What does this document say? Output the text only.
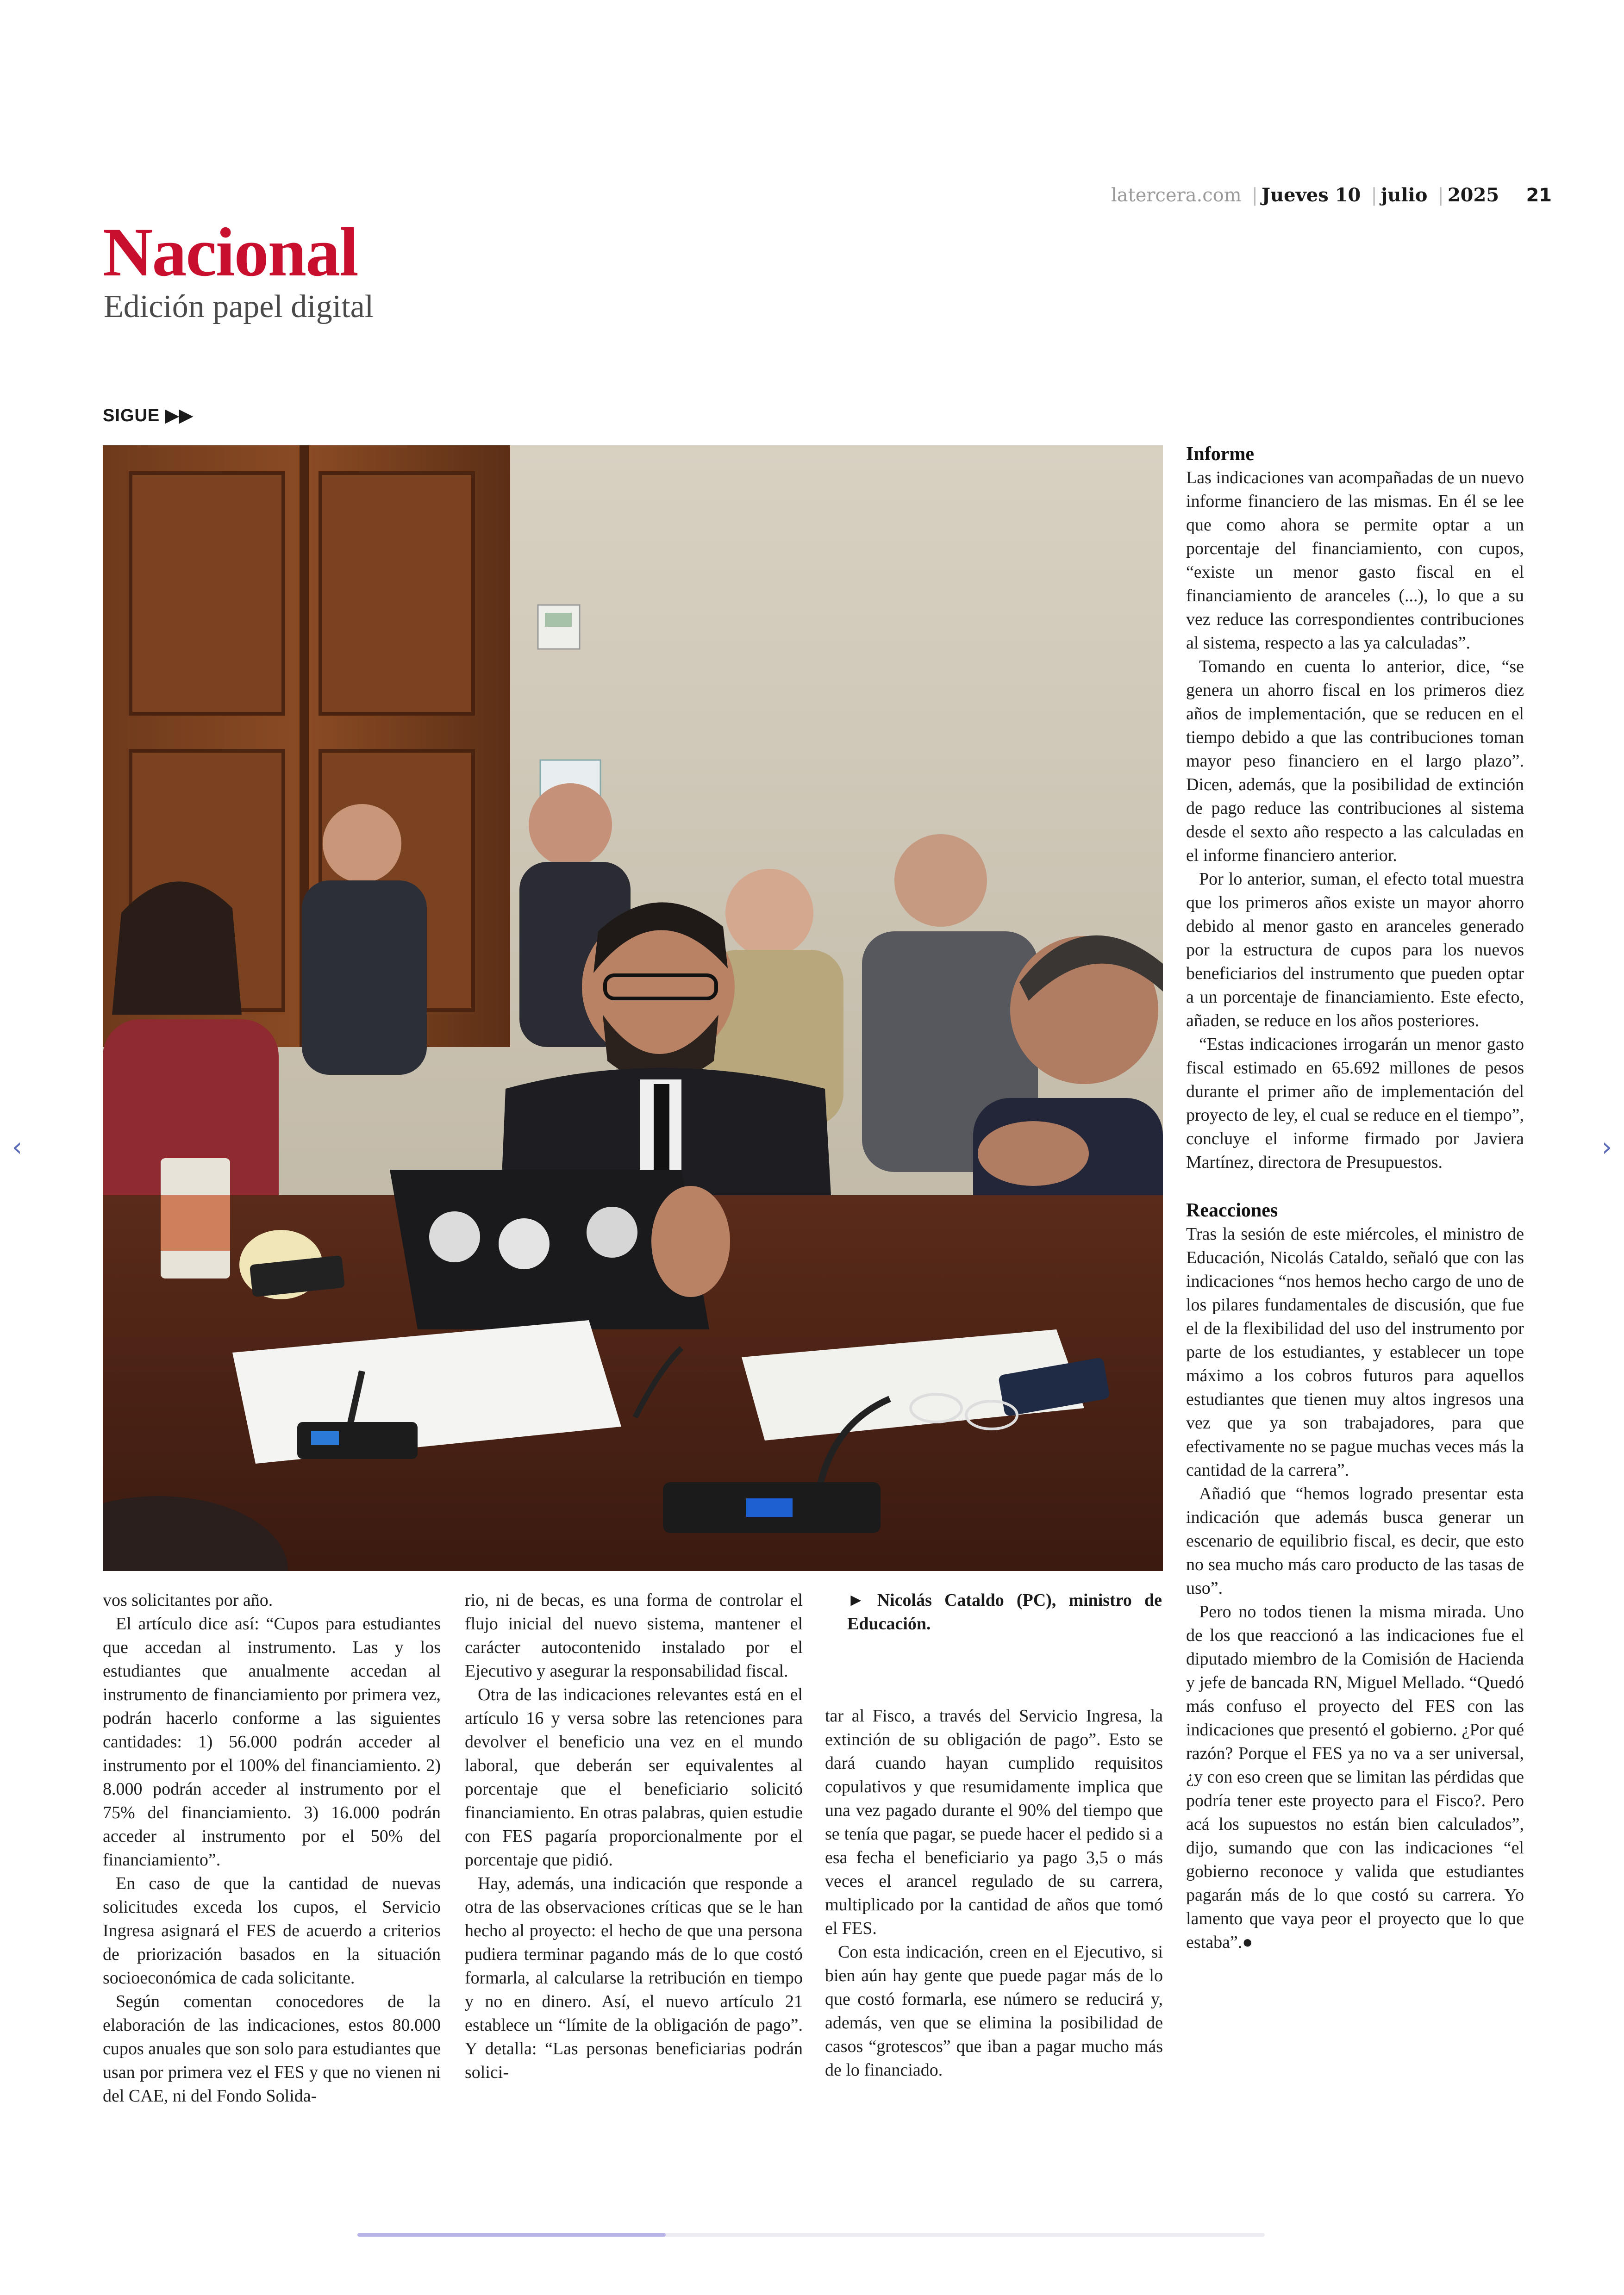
latercera.com | Jueves 10 | julio | 2025 21
Nacional
Edición papel digital
SIGUE ▶▶

vos solicitantes por año.

El artículo dice así: “Cupos para estudiantes que accedan al instrumento. Las y los estudiantes que anualmente accedan al instrumento de financiamiento por primera vez, podrán hacerlo conforme a las siguientes cantidades: 1) 56.000 podrán acceder al instrumento por el 100% del financiamiento. 2) 8.000 podrán acceder al instrumento por el 75% del financiamiento. 3) 16.000 podrán acceder al instrumento por el 50% del financiamiento”.

En caso de que la cantidad de nuevas solicitudes exceda los cupos, el Servicio Ingresa asignará el FES de acuerdo a criterios de priorización basados en la situación socioeconómica de cada solicitante.

Según comentan conocedores de la elaboración de las indicaciones, estos 80.000 cupos anuales que son solo para estudiantes que usan por primera vez el FES y que no vienen ni del CAE, ni del Fondo Solida-

rio, ni de becas, es una forma de controlar el flujo inicial del nuevo sistema, mantener el carácter autocontenido instalado por el Ejecutivo y asegurar la responsabilidad fiscal.

Otra de las indicaciones relevantes está en el artículo 16 y versa sobre las retenciones para devolver el beneficio una vez en el mundo laboral, que deberán ser equivalentes al porcentaje que el beneficiario solicitó financiamiento. En otras palabras, quien estudie con FES pagaría proporcionalmente por el porcentaje que pidió.

Hay, además, una indicación que responde a otra de las observaciones críticas que se le han hecho al proyecto: el hecho de que una persona pudiera terminar pagando más de lo que costó formarla, al calcularse la retribución en tiempo y no en dinero. Así, el nuevo artículo 21 establece un “límite de la obligación de pago”. Y detalla: “Las personas beneficiarias podrán solici-

► Nicolás Cataldo (PC), ministro de Educación.

tar al Fisco, a través del Servicio Ingresa, la extinción de su obligación de pago”. Esto se dará cuando hayan cumplido requisitos copulativos y que resumidamente implica que una vez pagado durante el 90% del tiempo que se tenía que pagar, se puede hacer el pedido si a esa fecha el beneficiario ya pago 3,5 o más veces el arancel regulado de su carrera, multiplicado por la cantidad de años que tomó el FES.

Con esta indicación, creen en el Ejecutivo, si bien aún hay gente que puede pagar más de lo que costó formarla, ese número se reducirá y, además, ven que se elimina la posibilidad de casos “grotescos” que iban a pagar mucho más de lo financiado.

Informe

Las indicaciones van acompañadas de un nuevo informe financiero de las mismas. En él se lee que como ahora se permite optar a un porcentaje del financiamiento, con cupos, “existe un menor gasto fiscal en el financiamiento de aranceles (...), lo que a su vez reduce las correspondientes contribuciones al sistema, respecto a las ya calculadas”.

Tomando en cuenta lo anterior, dice, “se genera un ahorro fiscal en los primeros diez años de implementación, que se reducen en el tiempo debido a que las contribuciones toman mayor peso financiero en el largo plazo”. Dicen, además, que la posibilidad de extinción de pago reduce las contribuciones al sistema desde el sexto año respecto a las calculadas en el informe financiero anterior.

Por lo anterior, suman, el efecto total muestra que los primeros años existe un mayor ahorro debido al menor gasto en aranceles generado por la estructura de cupos para los nuevos beneficiarios del instrumento que pueden optar a un porcentaje de financiamiento. Este efecto, añaden, se reduce en los años posteriores.

“Estas indicaciones irrogarán un menor gasto fiscal estimado en 65.692 millones de pesos durante el primer año de implementación del proyecto de ley, el cual se reduce en el tiempo”, concluye el informe firmado por Javiera Martínez, directora de Presupuestos.

Reacciones

Tras la sesión de este miércoles, el ministro de Educación, Nicolás Cataldo, señaló que con las indicaciones “nos hemos hecho cargo de uno de los pilares fundamentales de discusión, que fue el de la flexibilidad del uso del instrumento por parte de los estudiantes, y establecer un tope máximo a los cobros futuros para aquellos estudiantes que tienen muy altos ingresos una vez que ya son trabajadores, para que efectivamente no se pague muchas veces más la cantidad de la carrera”.

Añadió que “hemos logrado presentar esta indicación que además busca generar un escenario de equilibrio fiscal, es decir, que esto no sea mucho más caro producto de las tasas de uso”.

Pero no todos tienen la misma mirada. Uno de los que reaccionó a las indicaciones fue el diputado miembro de la Comisión de Hacienda y jefe de bancada RN, Miguel Mellado. “Quedó más confuso el proyecto del FES con las indicaciones que presentó el gobierno. ¿Por qué razón? Porque el FES ya no va a ser universal, ¿y con eso creen que se limitan las pérdidas que podría tener este proyecto para el Fisco?. Pero acá los supuestos no están bien calculados”, dijo, sumando que con las indicaciones “el gobierno reconoce y valida que estudiantes pagarán más de lo que costó su carrera. Yo lamento que vaya peor el proyecto que lo que estaba”.●

‹	›
